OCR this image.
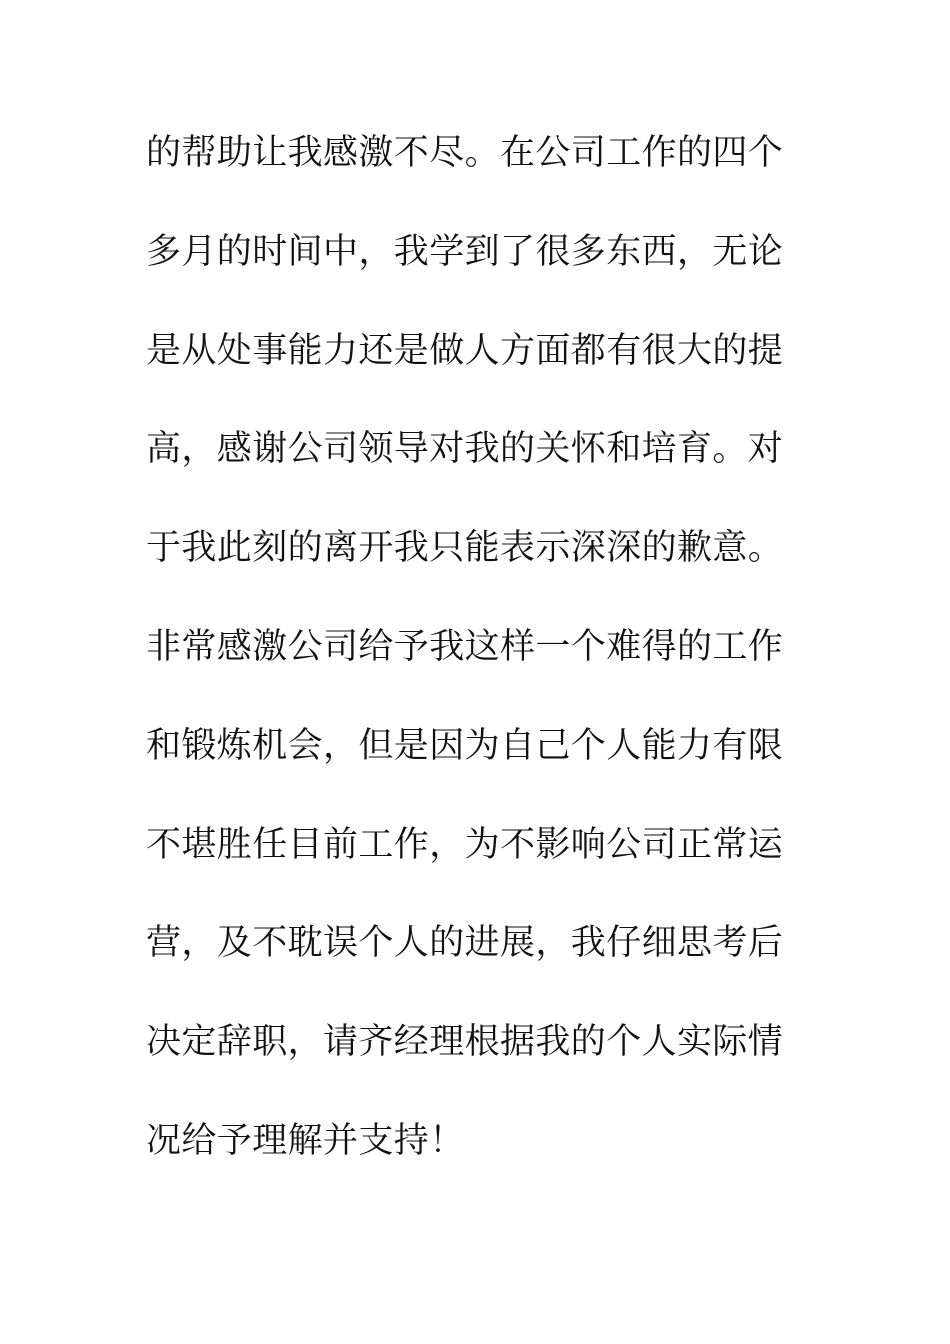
的帮助让我感激不尽。在公司工作的四个
多月的时间中，我学到了很多东西，无论
是从处事能力还是做人方面都有很大的提
高，感谢公司领导对我的关怀和培育。对
于我此刻的离开我只能表示深深的歉意。
非常感激公司给予我这样一个难得的工作
和锻炼机会，但是因为自己个人能力有限
不堪胜任目前工作，为不影响公司正常运
营，及不耽误个人的进展，我仔细思考后
决定辞职，请齐经理根据我的个人实际情
况给予理解并支持！
